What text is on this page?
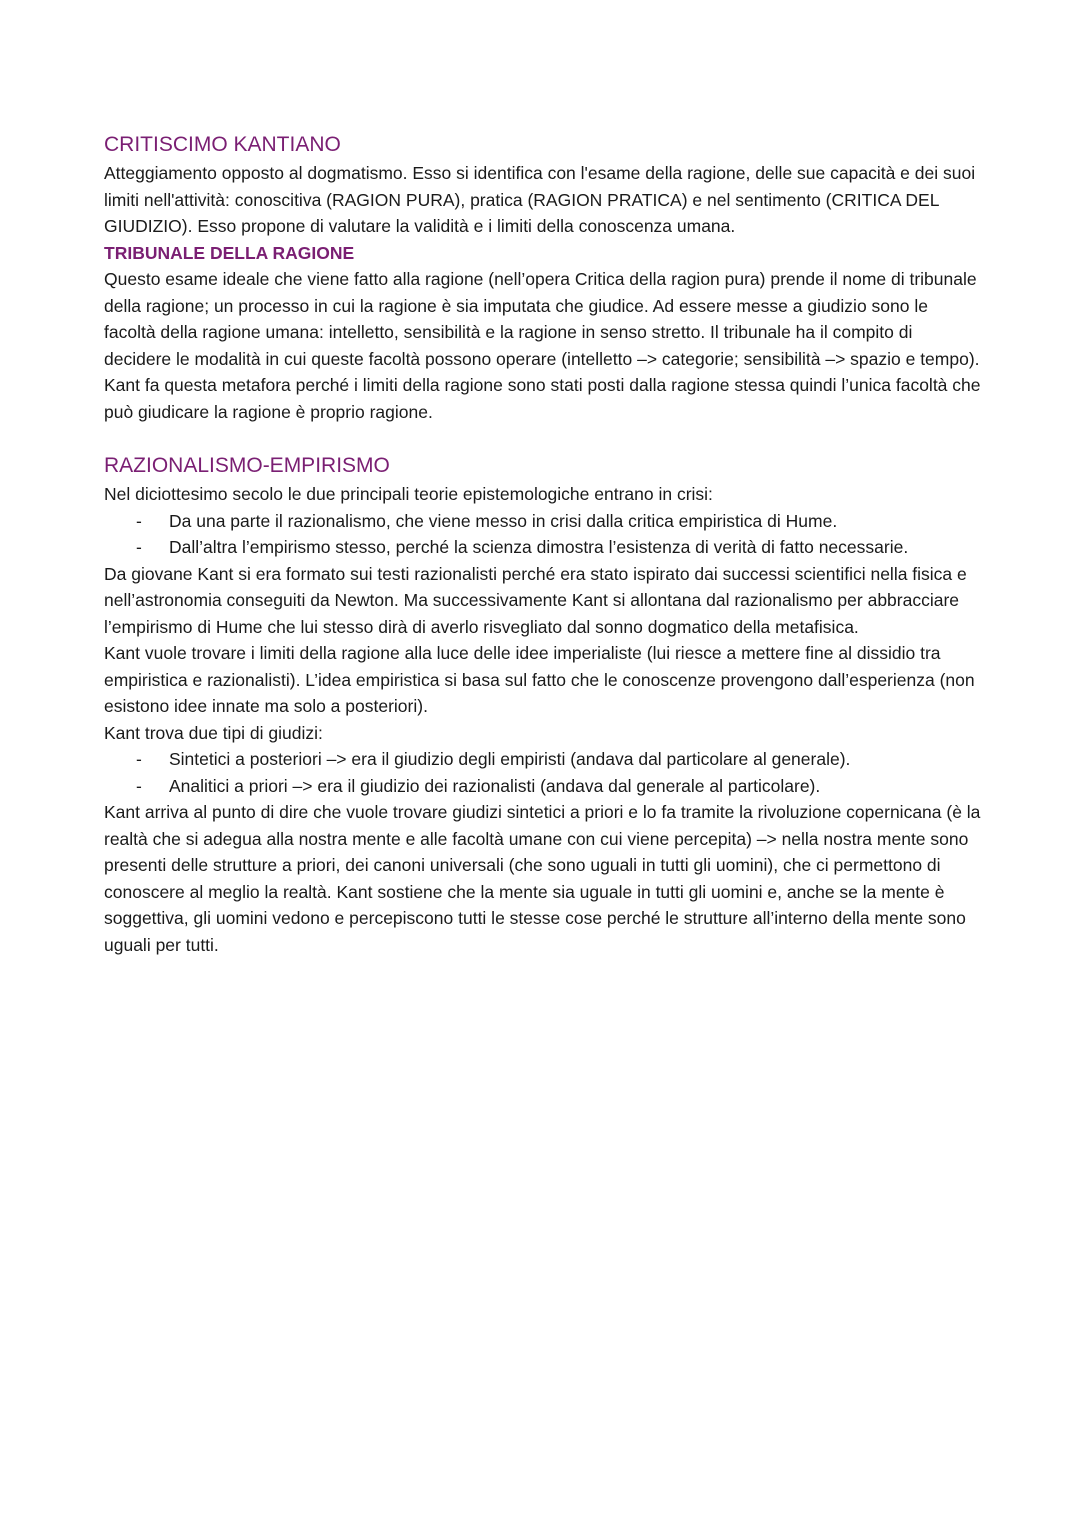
CRITISCIMO KANTIANO

Atteggiamento opposto al dogmatismo. Esso si identifica con l'esame della ragione, delle sue capacità e dei suoi limiti nell'attività: conoscitiva (RAGION PURA), pratica (RAGION PRATICA) e nel sentimento (CRITICA DEL GIUDIZIO). Esso propone di valutare la validità e i limiti della conoscenza umana.

TRIBUNALE DELLA RAGIONE

Questo esame ideale che viene fatto alla ragione (nell’opera Critica della ragion pura) prende il nome di tribunale della ragione; un processo in cui la ragione è sia imputata che giudice. Ad essere messe a giudizio sono le facoltà della ragione umana: intelletto, sensibilità e la ragione in senso stretto. Il tribunale ha il compito di decidere le modalità in cui queste facoltà possono operare (intelletto –> categorie; sensibilità –> spazio e tempo).

Kant fa questa metafora perché i limiti della ragione sono stati posti dalla ragione stessa quindi l’unica facoltà che può giudicare la ragione è proprio ragione.

RAZIONALISMO-EMPIRISMO

Nel diciottesimo secolo le due principali teorie epistemologiche entrano in crisi:

- Da una parte il razionalismo, che viene messo in crisi dalla critica empiristica di Hume.
- Dall’altra l’empirismo stesso, perché la scienza dimostra l’esistenza di verità di fatto necessarie.

Da giovane Kant si era formato sui testi razionalisti perché era stato ispirato dai successi scientifici nella fisica e nell’astronomia conseguiti da Newton. Ma successivamente Kant si allontana dal razionalismo per abbracciare l’empirismo di Hume che lui stesso dirà di averlo risvegliato dal sonno dogmatico della metafisica.

Kant vuole trovare i limiti della ragione alla luce delle idee imperialiste (lui riesce a mettere fine al dissidio tra empiristica e razionalisti). L’idea empiristica si basa sul fatto che le conoscenze provengono dall’esperienza (non esistono idee innate ma solo a posteriori).

Kant trova due tipi di giudizi:

- Sintetici a posteriori –> era il giudizio degli empiristi (andava dal particolare al generale).
- Analitici a priori –> era il giudizio dei razionalisti (andava dal generale al particolare).

Kant arriva al punto di dire che vuole trovare giudizi sintetici a priori e lo fa tramite la rivoluzione copernicana (è la realtà che si adegua alla nostra mente e alle facoltà umane con cui viene percepita) –> nella nostra mente sono presenti delle strutture a priori, dei canoni universali (che sono uguali in tutti gli uomini), che ci permettono di conoscere al meglio la realtà. Kant sostiene che la mente sia uguale in tutti gli uomini e, anche se la mente è soggettiva, gli uomini vedono e percepiscono tutti le stesse cose perché le strutture all’interno della mente sono uguali per tutti.
